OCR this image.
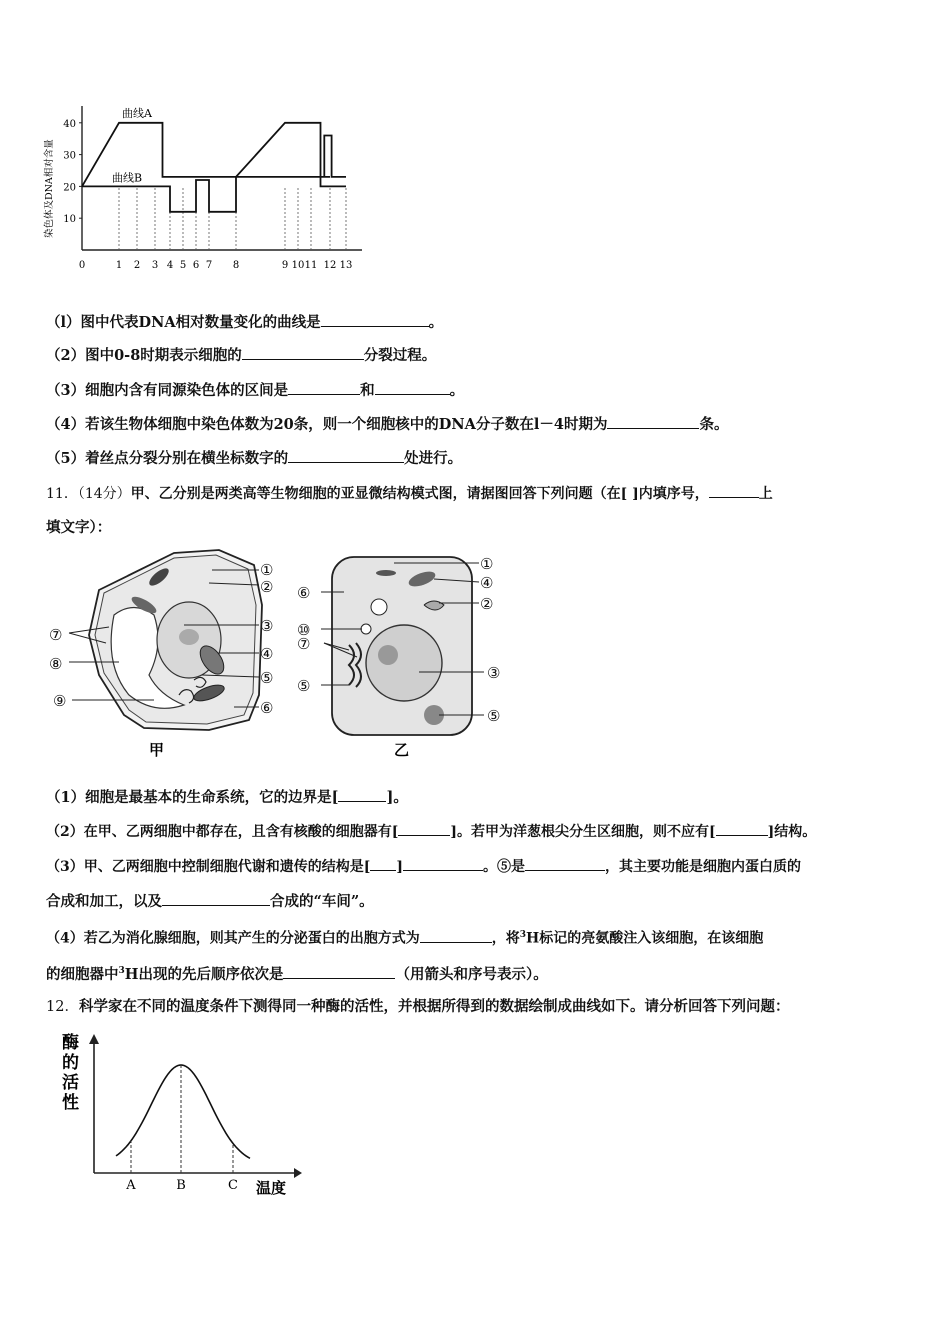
10
20
30
40
0	1 2 3 4 5 6 7 8	9 10 11 12 13
染色体及DNA相对含量
曲线A
曲线B
（l）图中代表DNA相对数量变化的曲线是	。
（2）图中0-8时期表示细胞的	分裂过程。
（3）细胞内含有同源染色体的区间是	和	。
（4）若该生物体细胞中染色体数为20条，则一个细胞核中的DNA分子数在l－4时期为	条。
（5）着丝点分裂分别在横坐标数字的	处进行。
11．（14分）甲、乙分别是两类高等生物细胞的亚显微结构模式图，请据图回答下列问题（在[ ]内填序号，	上
填文字）：
①
②
③
④
⑤
⑥
⑦
⑧
⑨
甲
①
④
②
⑥
⑩
⑦
③
⑤
⑤
乙
（1）细胞是最基本的生命系统，它的边界是[	]。
（2）在甲、乙两细胞中都存在，且含有核酸的细胞器有[	]。若甲为洋葱根尖分生区细胞，则不应有[	]结构。
（3）甲、乙两细胞中控制细胞代谢和遗传的结构是[ ]	。⑤是	，其主要功能是细胞内蛋白质的
合成和加工，以及	合成的“车间”。
（4）若乙为消化腺细胞，则其产生的分泌蛋白的出胞方式为	，将$^3$H标记的亮氨酸注入该细胞，在该细胞
的细胞器中$^3$H出现的先后顺序依次是	（用箭头和序号表示）。
12．科学家在不同的温度条件下测得同一种酶的活性，并根据所得到的数据绘制成曲线如下。请分析回答下列问题：
A	B	C
酶
的
活
性
温度
